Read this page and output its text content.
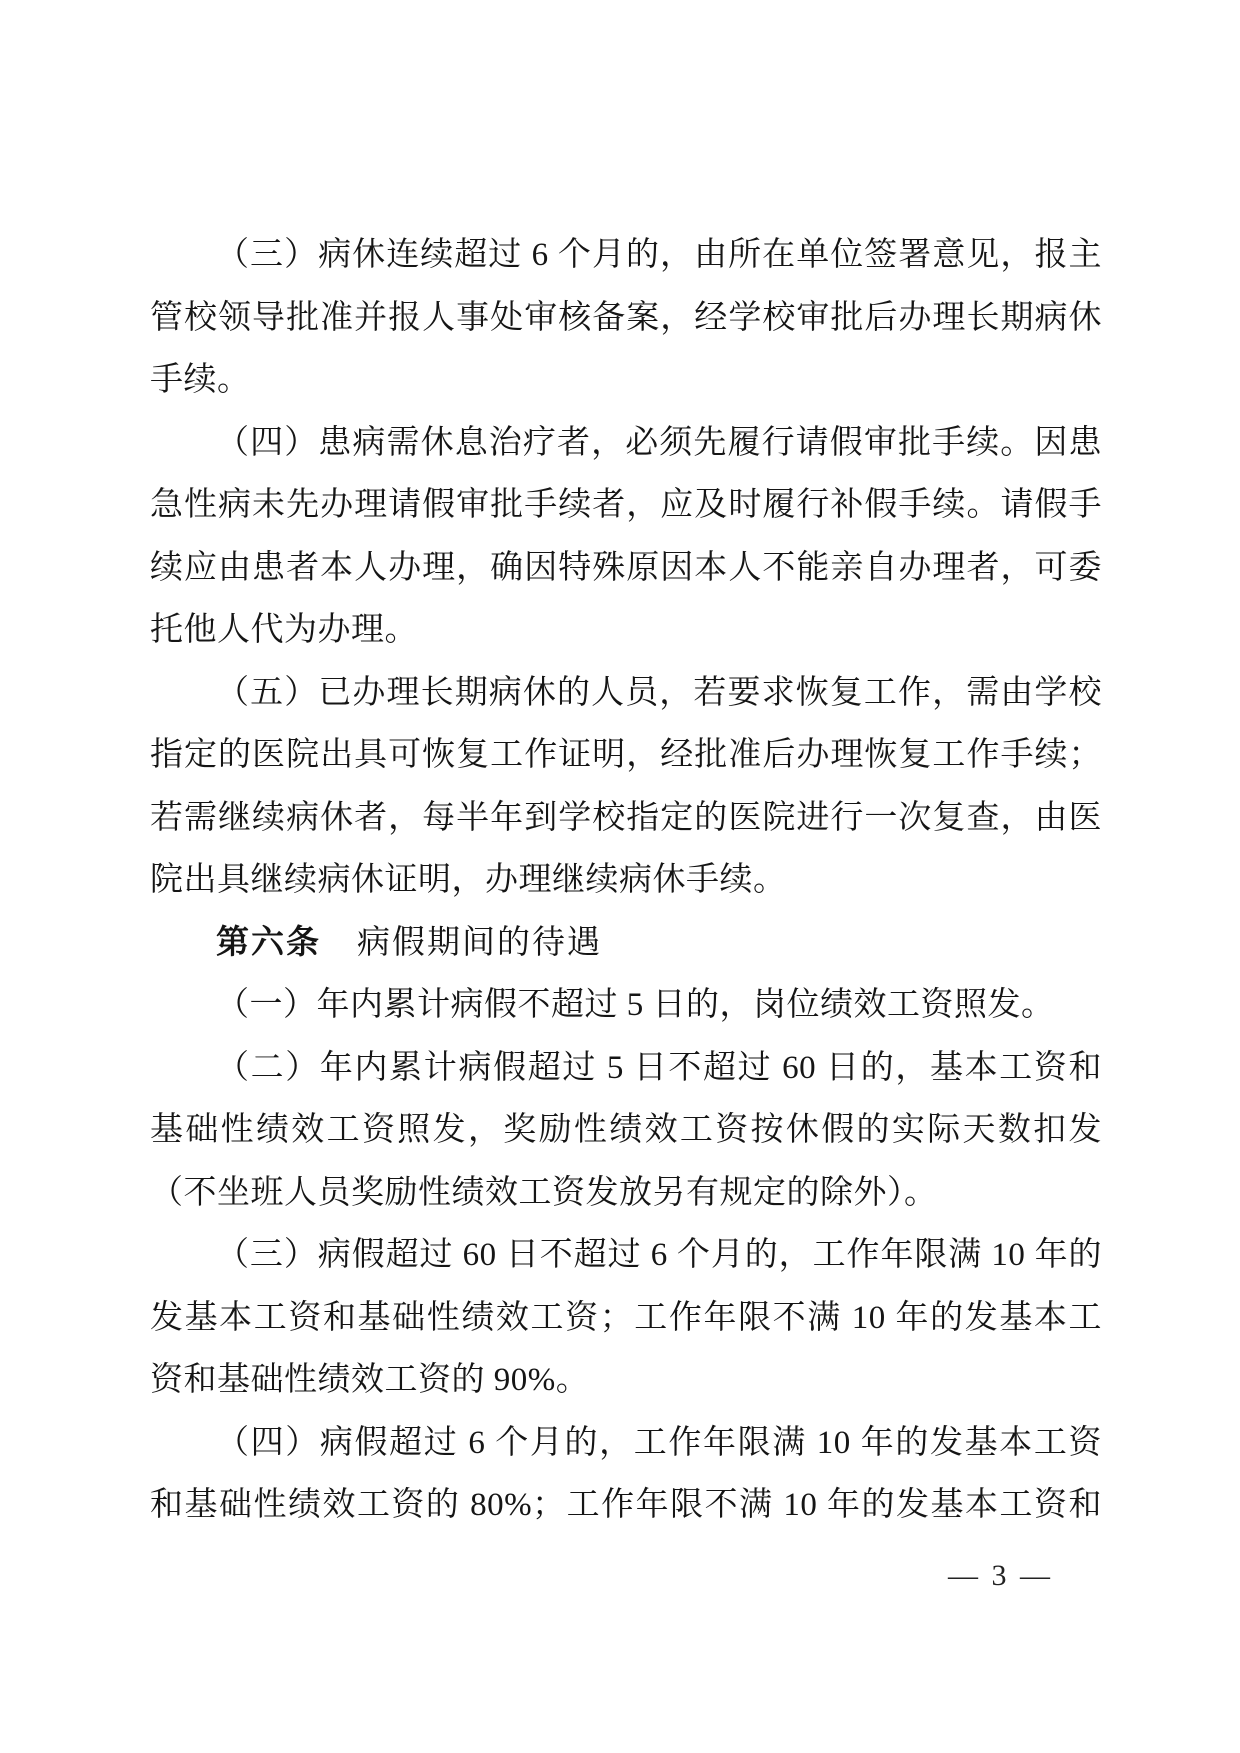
（三）病休连续超过 6 个月的，由所在单位签署意见，报主
管校领导批准并报人事处审核备案，经学校审批后办理长期病休
手续。
（四）患病需休息治疗者，必须先履行请假审批手续。因患
急性病未先办理请假审批手续者，应及时履行补假手续。请假手
续应由患者本人办理，确因特殊原因本人不能亲自办理者，可委
托他人代为办理。
（五）已办理长期病休的人员，若要求恢复工作，需由学校
指定的医院出具可恢复工作证明，经批准后办理恢复工作手续；
若需继续病休者，每半年到学校指定的医院进行一次复查，由医
院出具继续病休证明，办理继续病休手续。
第六条 病假期间的待遇
（一）年内累计病假不超过 5 日的，岗位绩效工资照发。
（二）年内累计病假超过 5 日不超过 60 日的，基本工资和
基础性绩效工资照发，奖励性绩效工资按休假的实际天数扣发
（不坐班人员奖励性绩效工资发放另有规定的除外）。
（三）病假超过 60 日不超过 6 个月的，工作年限满 10 年的
发基本工资和基础性绩效工资；工作年限不满 10 年的发基本工
资和基础性绩效工资的 90%。
（四）病假超过 6 个月的，工作年限满 10 年的发基本工资
和基础性绩效工资的 80%；工作年限不满 10 年的发基本工资和
— 3 —
